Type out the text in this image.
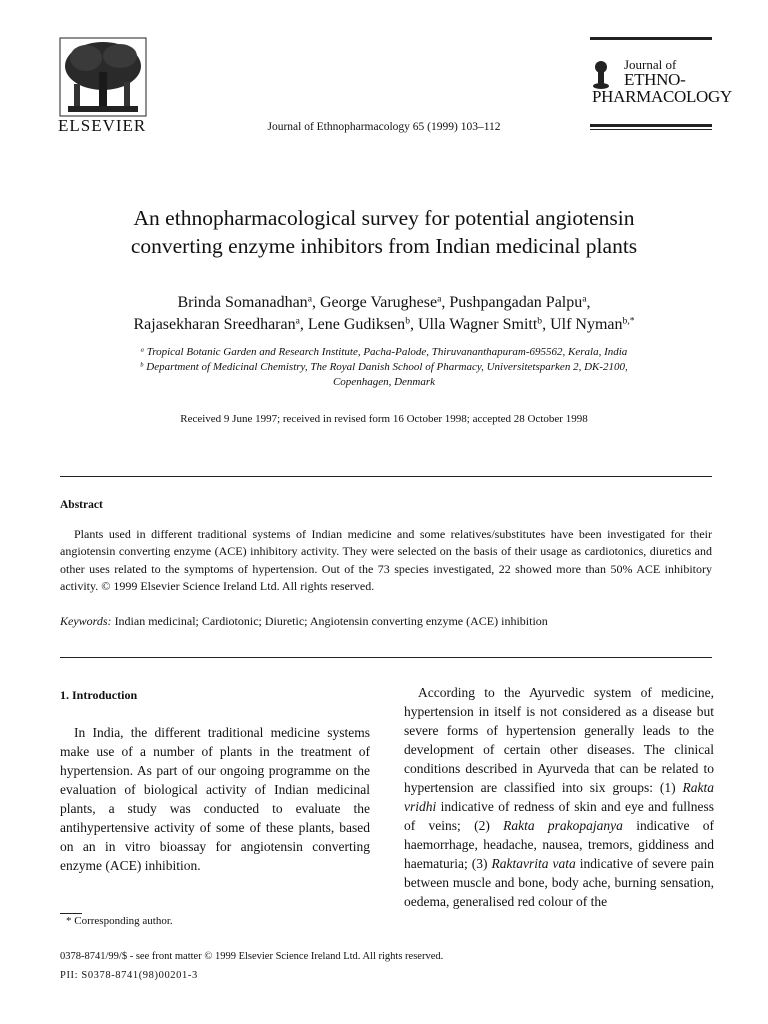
ELSEVIER	Journal of Ethnopharmacology 65 (1999) 103–112
Journal of
ETHNO-
PHARMACOLOGY
An ethnopharmacological survey for potential angiotensin
converting enzyme inhibitors from Indian medicinal plants
Brinda Somanadhan$^a$, George Varughese$^a$, Pushpangadan Palpu$^a$,
Rajasekharan Sreedharan$^a$, Lene Gudiksen$^b$, Ulla Wagner Smitt$^b$, Ulf Nyman$^{b,*}$
$^a$ Tropical Botanic Garden and Research Institute, Pacha-Palode, Thiruvananthapuram-695562, Kerala, India
$^b$ Department of Medicinal Chemistry, The Royal Danish School of Pharmacy, Universitetsparken 2, DK-2100,
Copenhagen, Denmark
Received 9 June 1997; received in revised form 16 October 1998; accepted 28 October 1998
Abstract
Plants used in different traditional systems of Indian medicine and some relatives/substitutes have been investigated for their angiotensin converting enzyme (ACE) inhibitory activity. They were selected on the basis of their usage as cardiotonics, diuretics and other uses related to the symptoms of hypertension. Out of the 73 species investigated, 22 showed more than 50% ACE inhibitory activity. © 1999 Elsevier Science Ireland Ltd. All rights reserved.
Keywords: Indian medicinal; Cardiotonic; Diuretic; Angiotensin converting enzyme (ACE) inhibition
1. Introduction
In India, the different traditional medicine systems make use of a number of plants in the treatment of hypertension. As part of our ongoing programme on the evaluation of biological activity of Indian medicinal plants, a study was conducted to evaluate the antihypertensive activity of some of these plants, based on an in vitro bioassay for angiotensin converting enzyme (ACE) inhibition.
According to the Ayurvedic system of medicine, hypertension in itself is not considered as a disease but severe forms of hypertension generally leads to the development of certain other diseases. The clinical conditions described in Ayurveda that can be related to hypertension are classified into six groups: (1) Rakta vridhi indicative of redness of skin and eye and fullness of veins; (2) Rakta prakopajanya indicative of haemorrhage, headache, nausea, tremors, giddiness and haematuria; (3) Raktavrita vata indicative of severe pain between muscle and bone, body ache, burning sensation, oedema, generalised red colour of the
* Corresponding author.
0378-8741/99/$ - see front matter © 1999 Elsevier Science Ireland Ltd. All rights reserved.
PII: S0378-8741(98)00201-3
